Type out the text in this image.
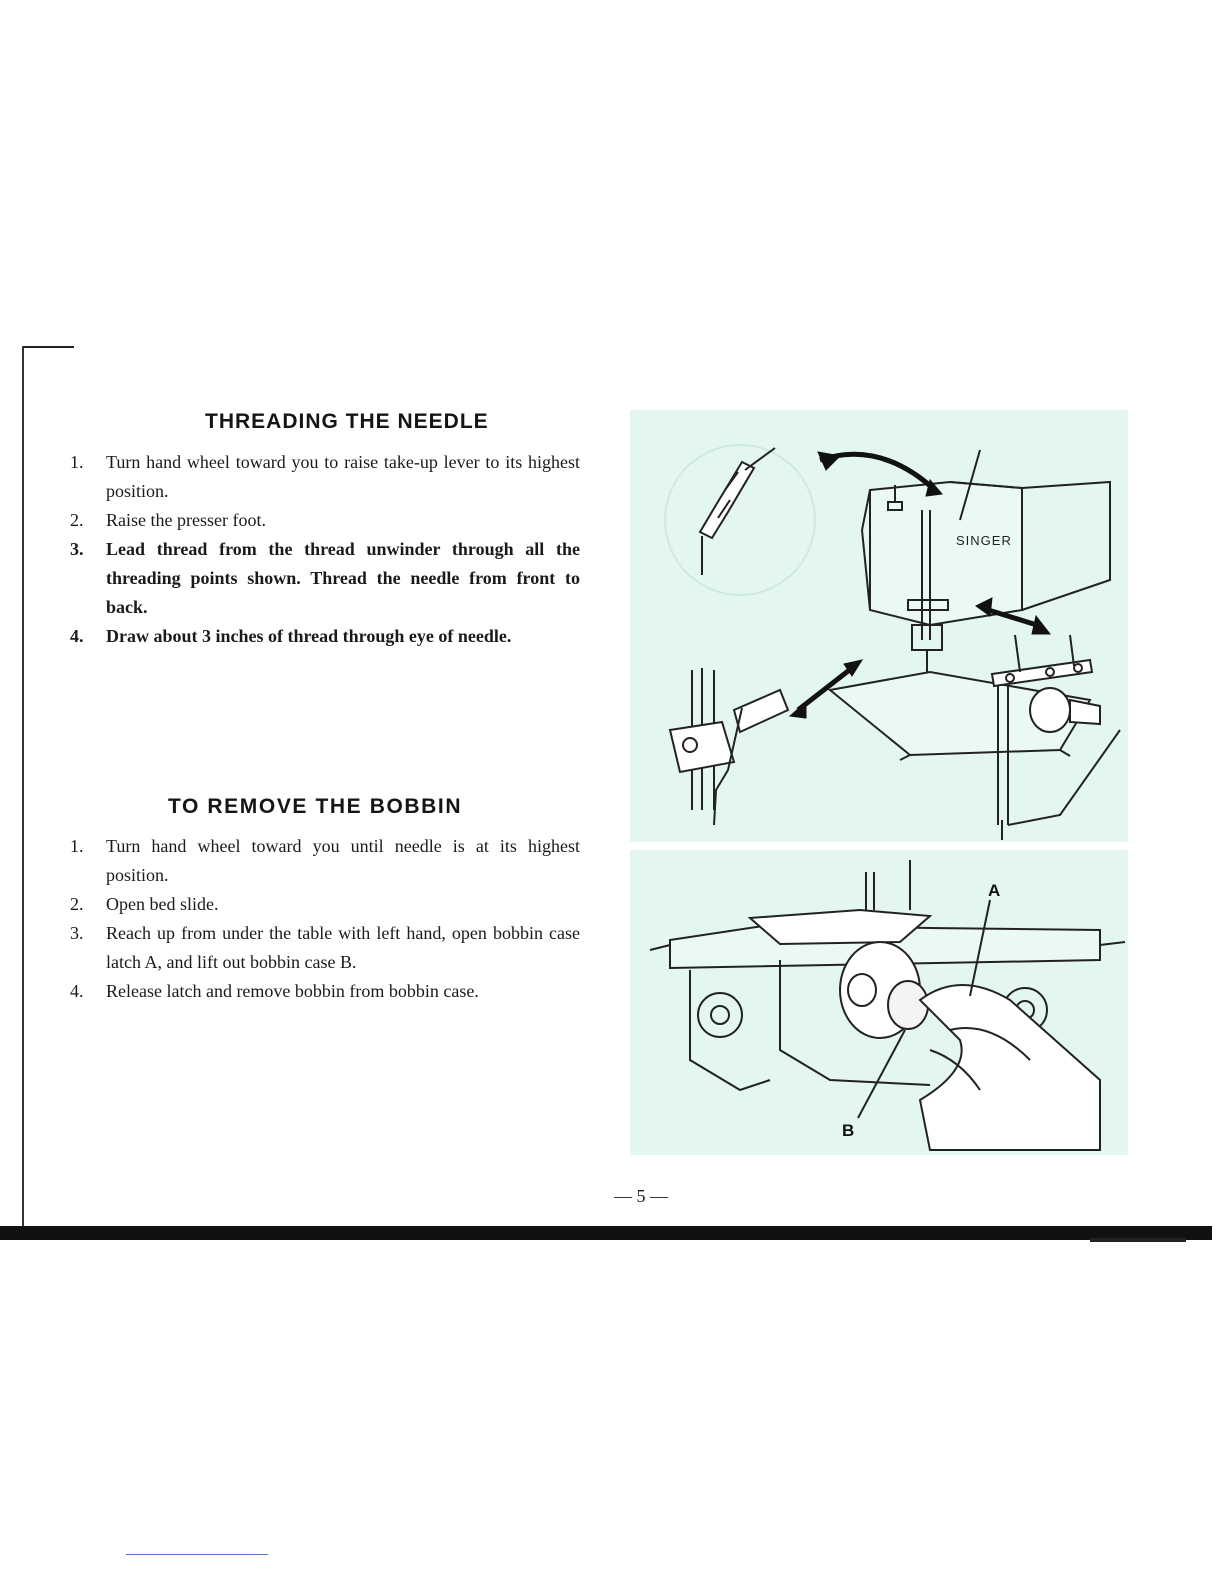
THREADING THE NEEDLE
1. Turn hand wheel toward you to raise take-up lever to its highest position.
2. Raise the presser foot.
3. Lead thread from the thread unwinder through all the threading points shown. Thread the needle from front to back.
4. Draw about 3 inches of thread through eye of needle.
TO REMOVE THE BOBBIN
1. Turn hand wheel toward you until needle is at its highest position.
2. Open bed slide.
3. Reach up from under the table with left hand, open bobbin case latch A, and lift out bobbin case B.
4. Release latch and remove bobbin from bobbin case.
SINGER
A
B
— 5 —
